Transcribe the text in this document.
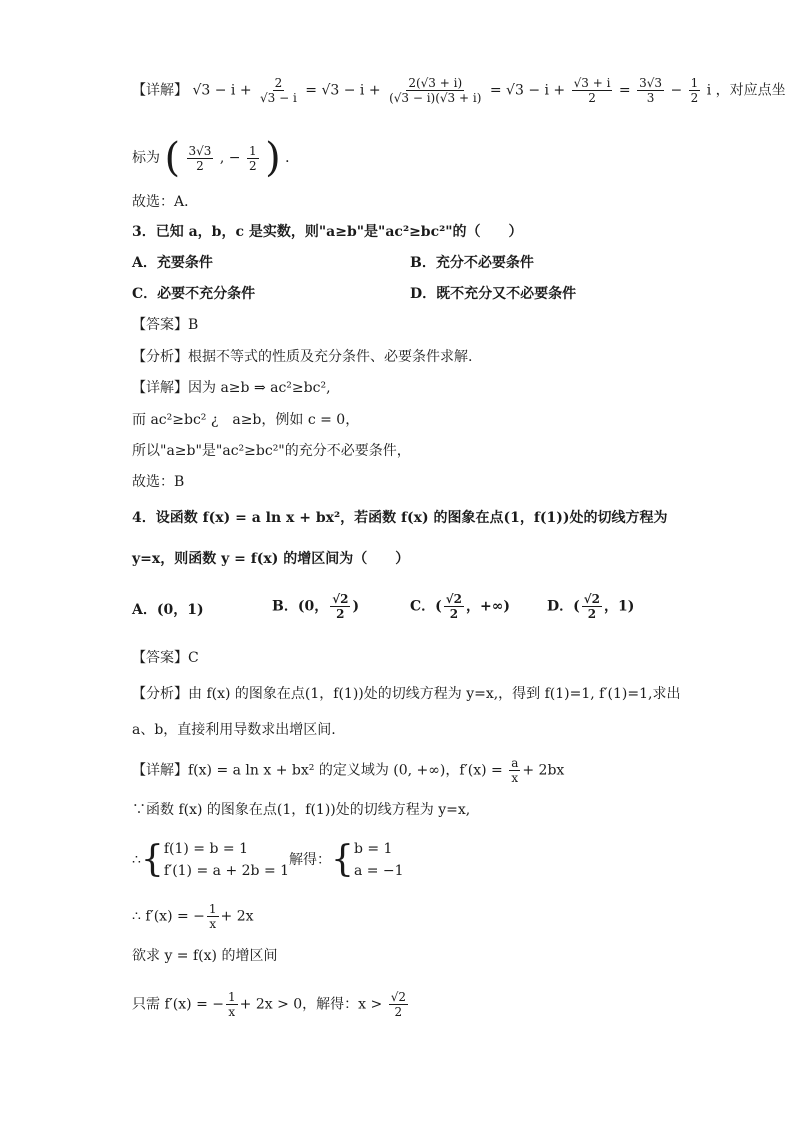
【详解】 $√3 - i + \frac{2}{√3 - i} = √3 - i + \frac{2(√3 + i)}{(√3 - i)(√3 + i)} = √3 - i + \frac{√3 + i}{2} = \frac{3√3}{3} - \frac{1}{2}$ i ，对应点坐
标为 ( $\frac{3√3}{2}$ , − $\frac{1}{2}$ ) ．
故选：A．
3．已知 a，b，c 是实数，则"a≥b"是"ac²≥bc²"的（　　）
A．充要条件	B．充分不必要条件
C．必要不充分条件	D．既不充分又不必要条件
【答案】B
【分析】根据不等式的性质及充分条件、必要条件求解.
【详解】因为 a≥b ⇒ ac²≥bc²,
而 ac²≥bc² ¿　a≥b，例如 c = 0，
所以"a≥b"是"ac²≥bc²"的充分不必要条件，
故选：B
4．设函数 f(x) = a ln x + bx²，若函数 f(x) 的图象在点(1，f(1))处的切线方程为
y=x，则函数 y = f(x) 的增区间为（　　）
A．(0，1)	B．(0， $\frac{√2}{2}$ )	C．( $\frac{√2}{2}$ ，+∞)	D．( $\frac{√2}{2}$ ，1)
【答案】C
【分析】由 f(x) 的图象在点(1，f(1))处的切线方程为 y=x,，得到 f(1)=1, f′(1)=1,求出
a、b，直接利用导数求出增区间.
【详解】f(x) = a ln x + bx² 的定义域为 (0, +∞)，$f'(x) = \frac{a}{x} + 2bx$
∵函数 f(x) 的图象在点(1，f(1))处的切线方程为 y=x,
∴{ f(1) = b = 1
f′(1) = a + 2b = 1
解得：{ b = 1
a = −1
∴ f′(x) = − $\frac{1}{x} + 2x$
欲求 y = f(x) 的增区间
只需 f′(x) = − $\frac{1}{x} + 2x > 0$，解得：$x > \frac{√2}{2}$
